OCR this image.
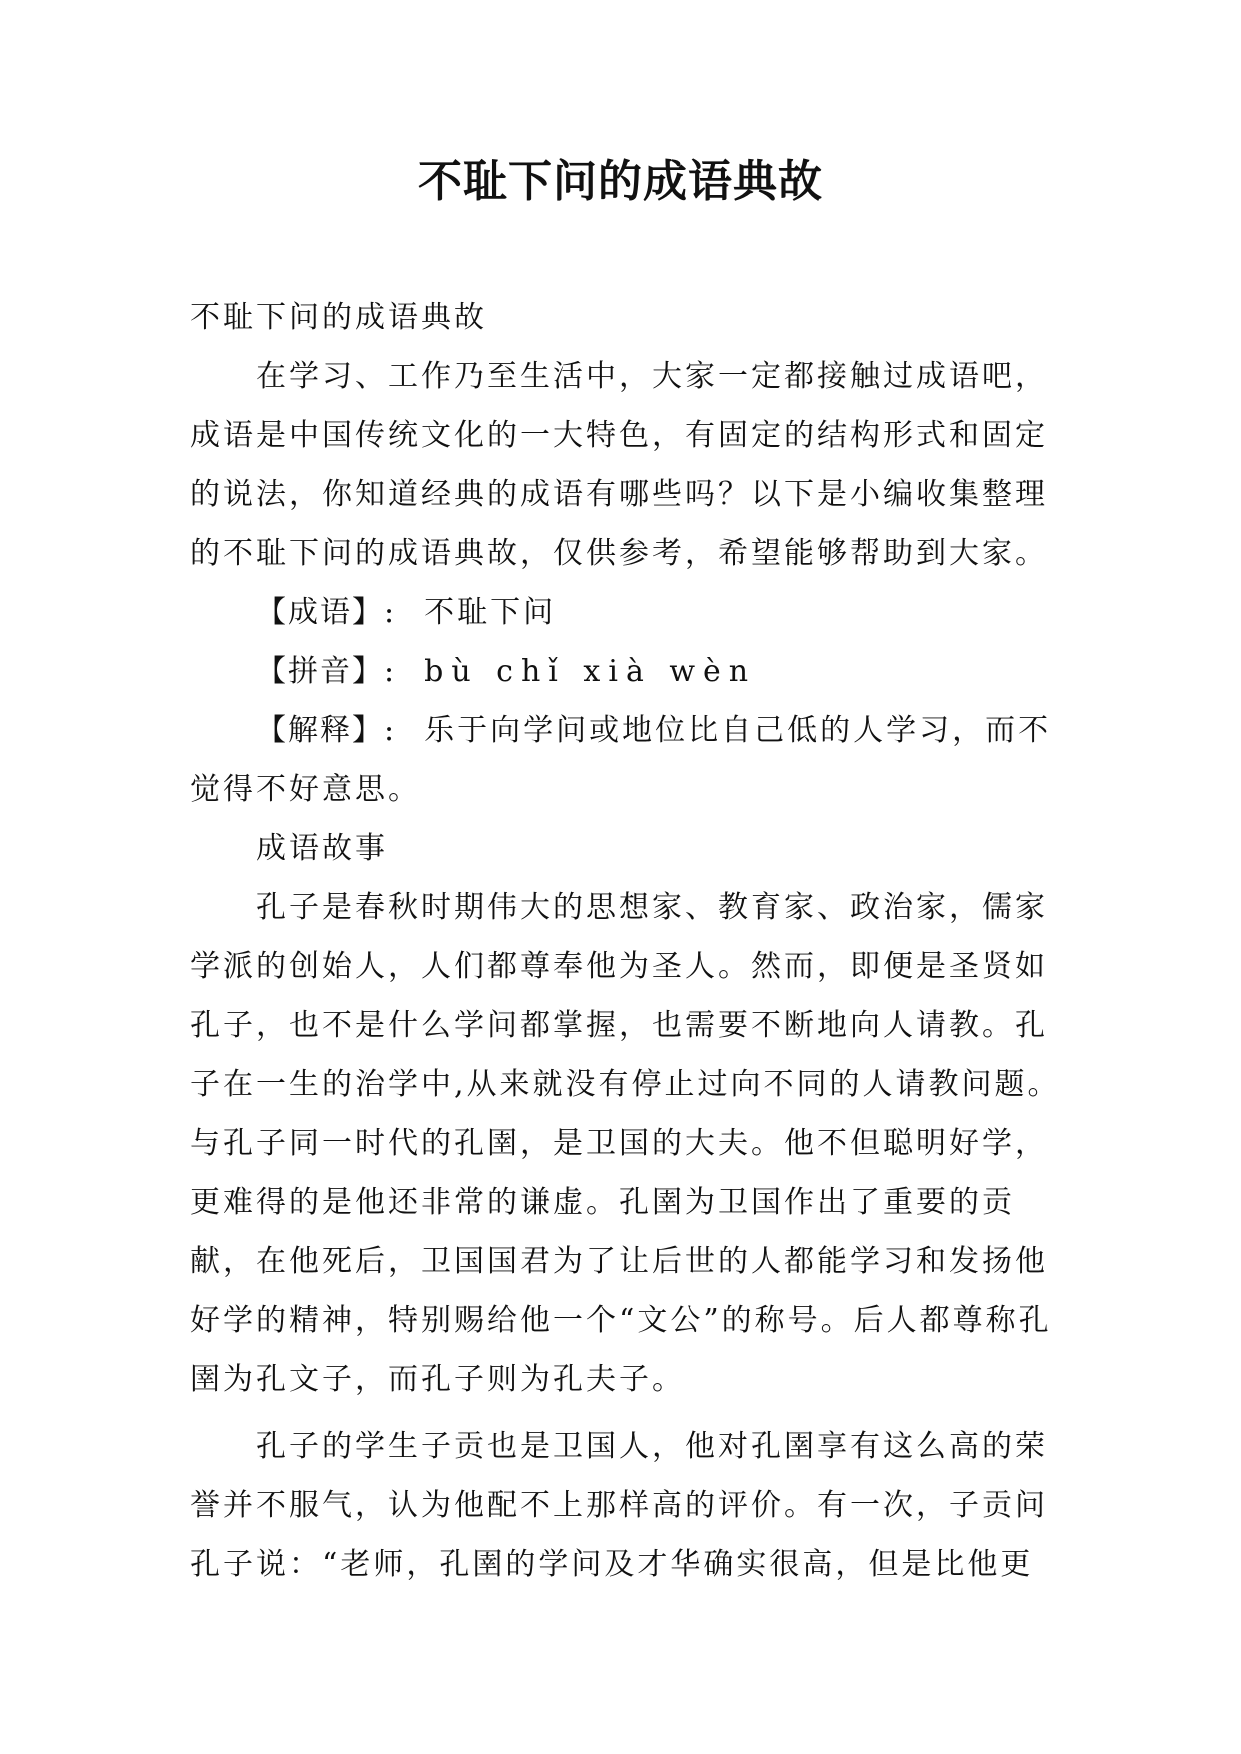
不耻下问的成语典故

不耻下问的成语典故

在学习、工作乃至生活中，大家一定都接触过成语吧，成语是中国传统文化的一大特色，有固定的结构形式和固定的说法，你知道经典的成语有哪些吗？以下是小编收集整理的不耻下问的成语典故，仅供参考，希望能够帮助到大家。

【成语】: 不耻下问

【拼音】: bù chǐ xià wèn

【解释】: 乐于向学问或地位比自己低的人学习，而不觉得不好意思。

成语故事

孔子是春秋时期伟大的思想家、教育家、政治家，儒家学派的创始人，人们都尊奉他为圣人。然而，即便是圣贤如孔子，也不是什么学问都掌握，也需要不断地向人请教。孔子在一生的治学中,从来就没有停止过向不同的人请教问题。与孔子同一时代的孔圉，是卫国的大夫。他不但聪明好学，更难得的是他还非常的谦虚。孔圉为卫国作出了重要的贡献，在他死后，卫国国君为了让后世的人都能学习和发扬他好学的精神，特别赐给他一个“文公”的称号。后人都尊称孔圉为孔文子，而孔子则为孔夫子。

孔子的学生子贡也是卫国人，他对孔圉享有这么高的荣誉并不服气，认为他配不上那样高的评价。有一次，子贡问孔子说：“老师，孔圉的学问及才华确实很高，但是比他更
